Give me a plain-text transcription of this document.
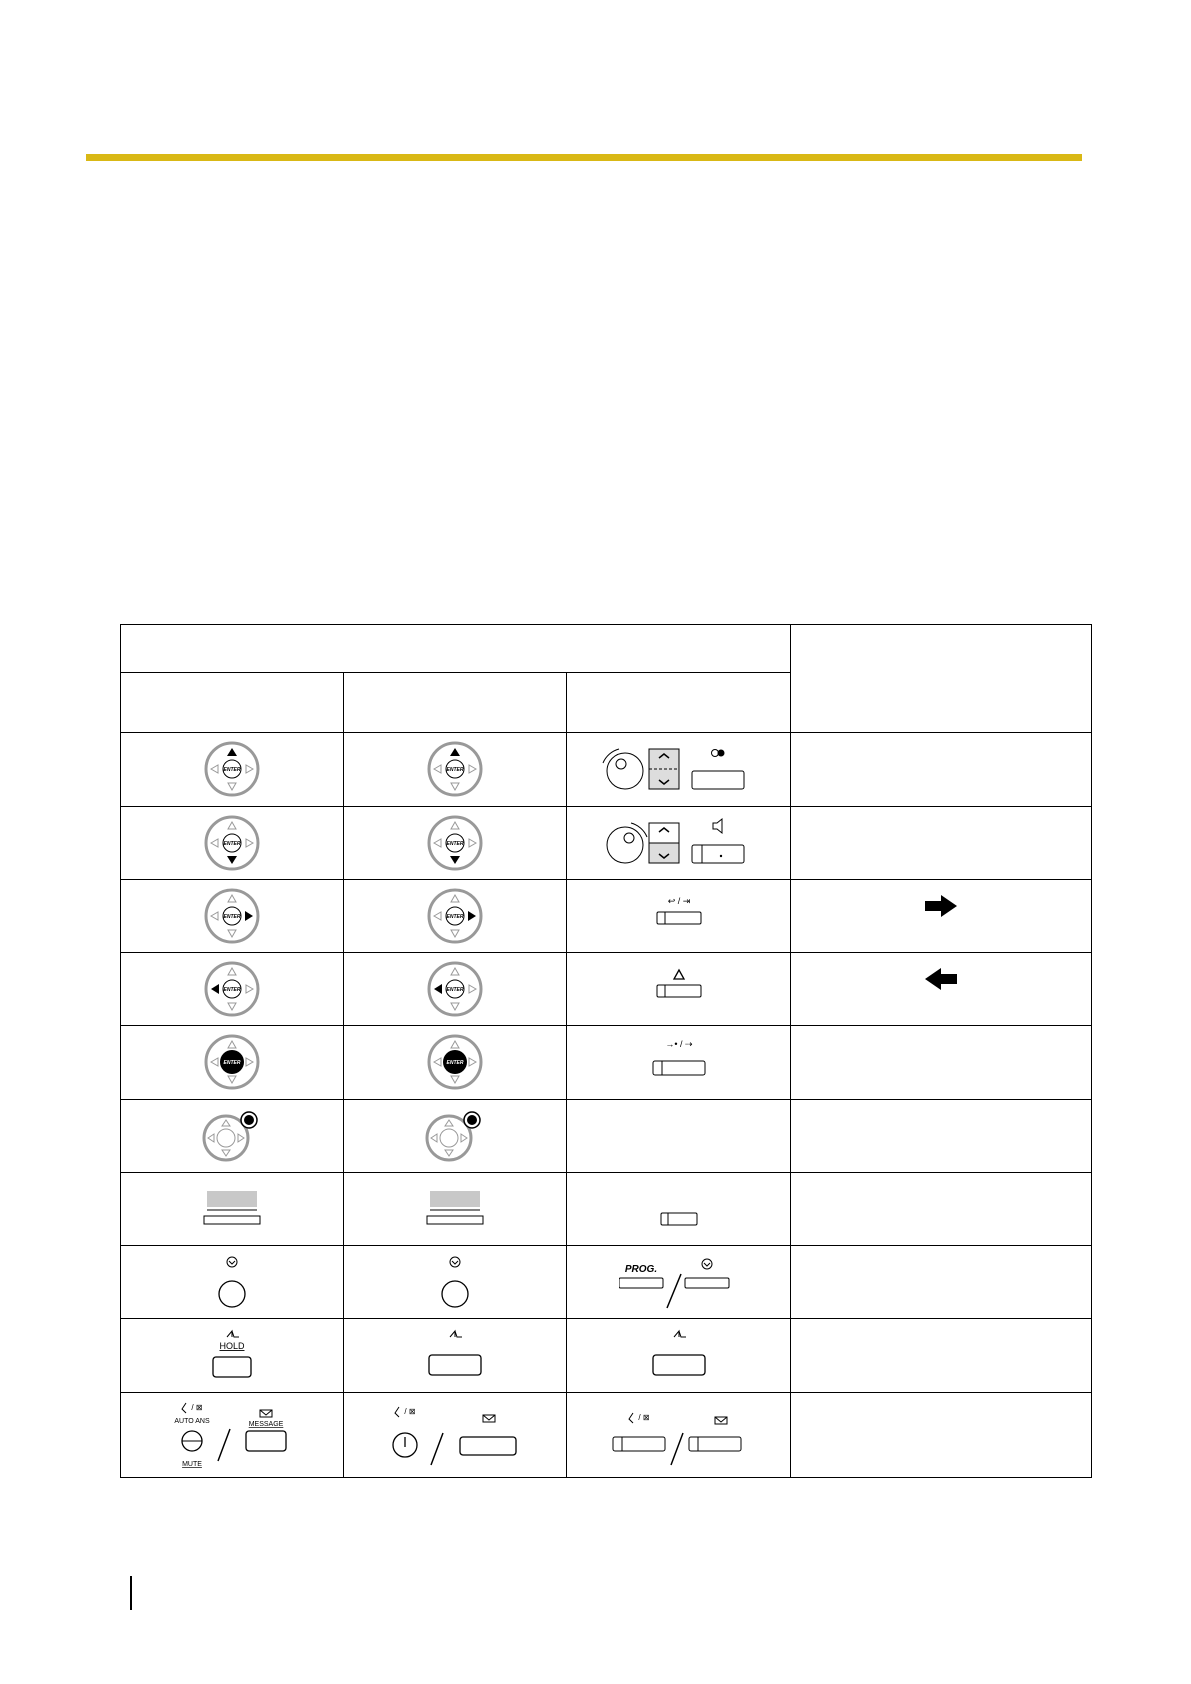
ENTER	ENTER

ENTER	ENTER

ENTER	ENTER	↩ / ⇥

ENTER	ENTER

ENTER	ENTER	→• / ⇢	

PROG.	

HOLD

/ ⊠
AUTO ANS
MUTE
MESSAGE	/ ⊠	/ ⊠	
